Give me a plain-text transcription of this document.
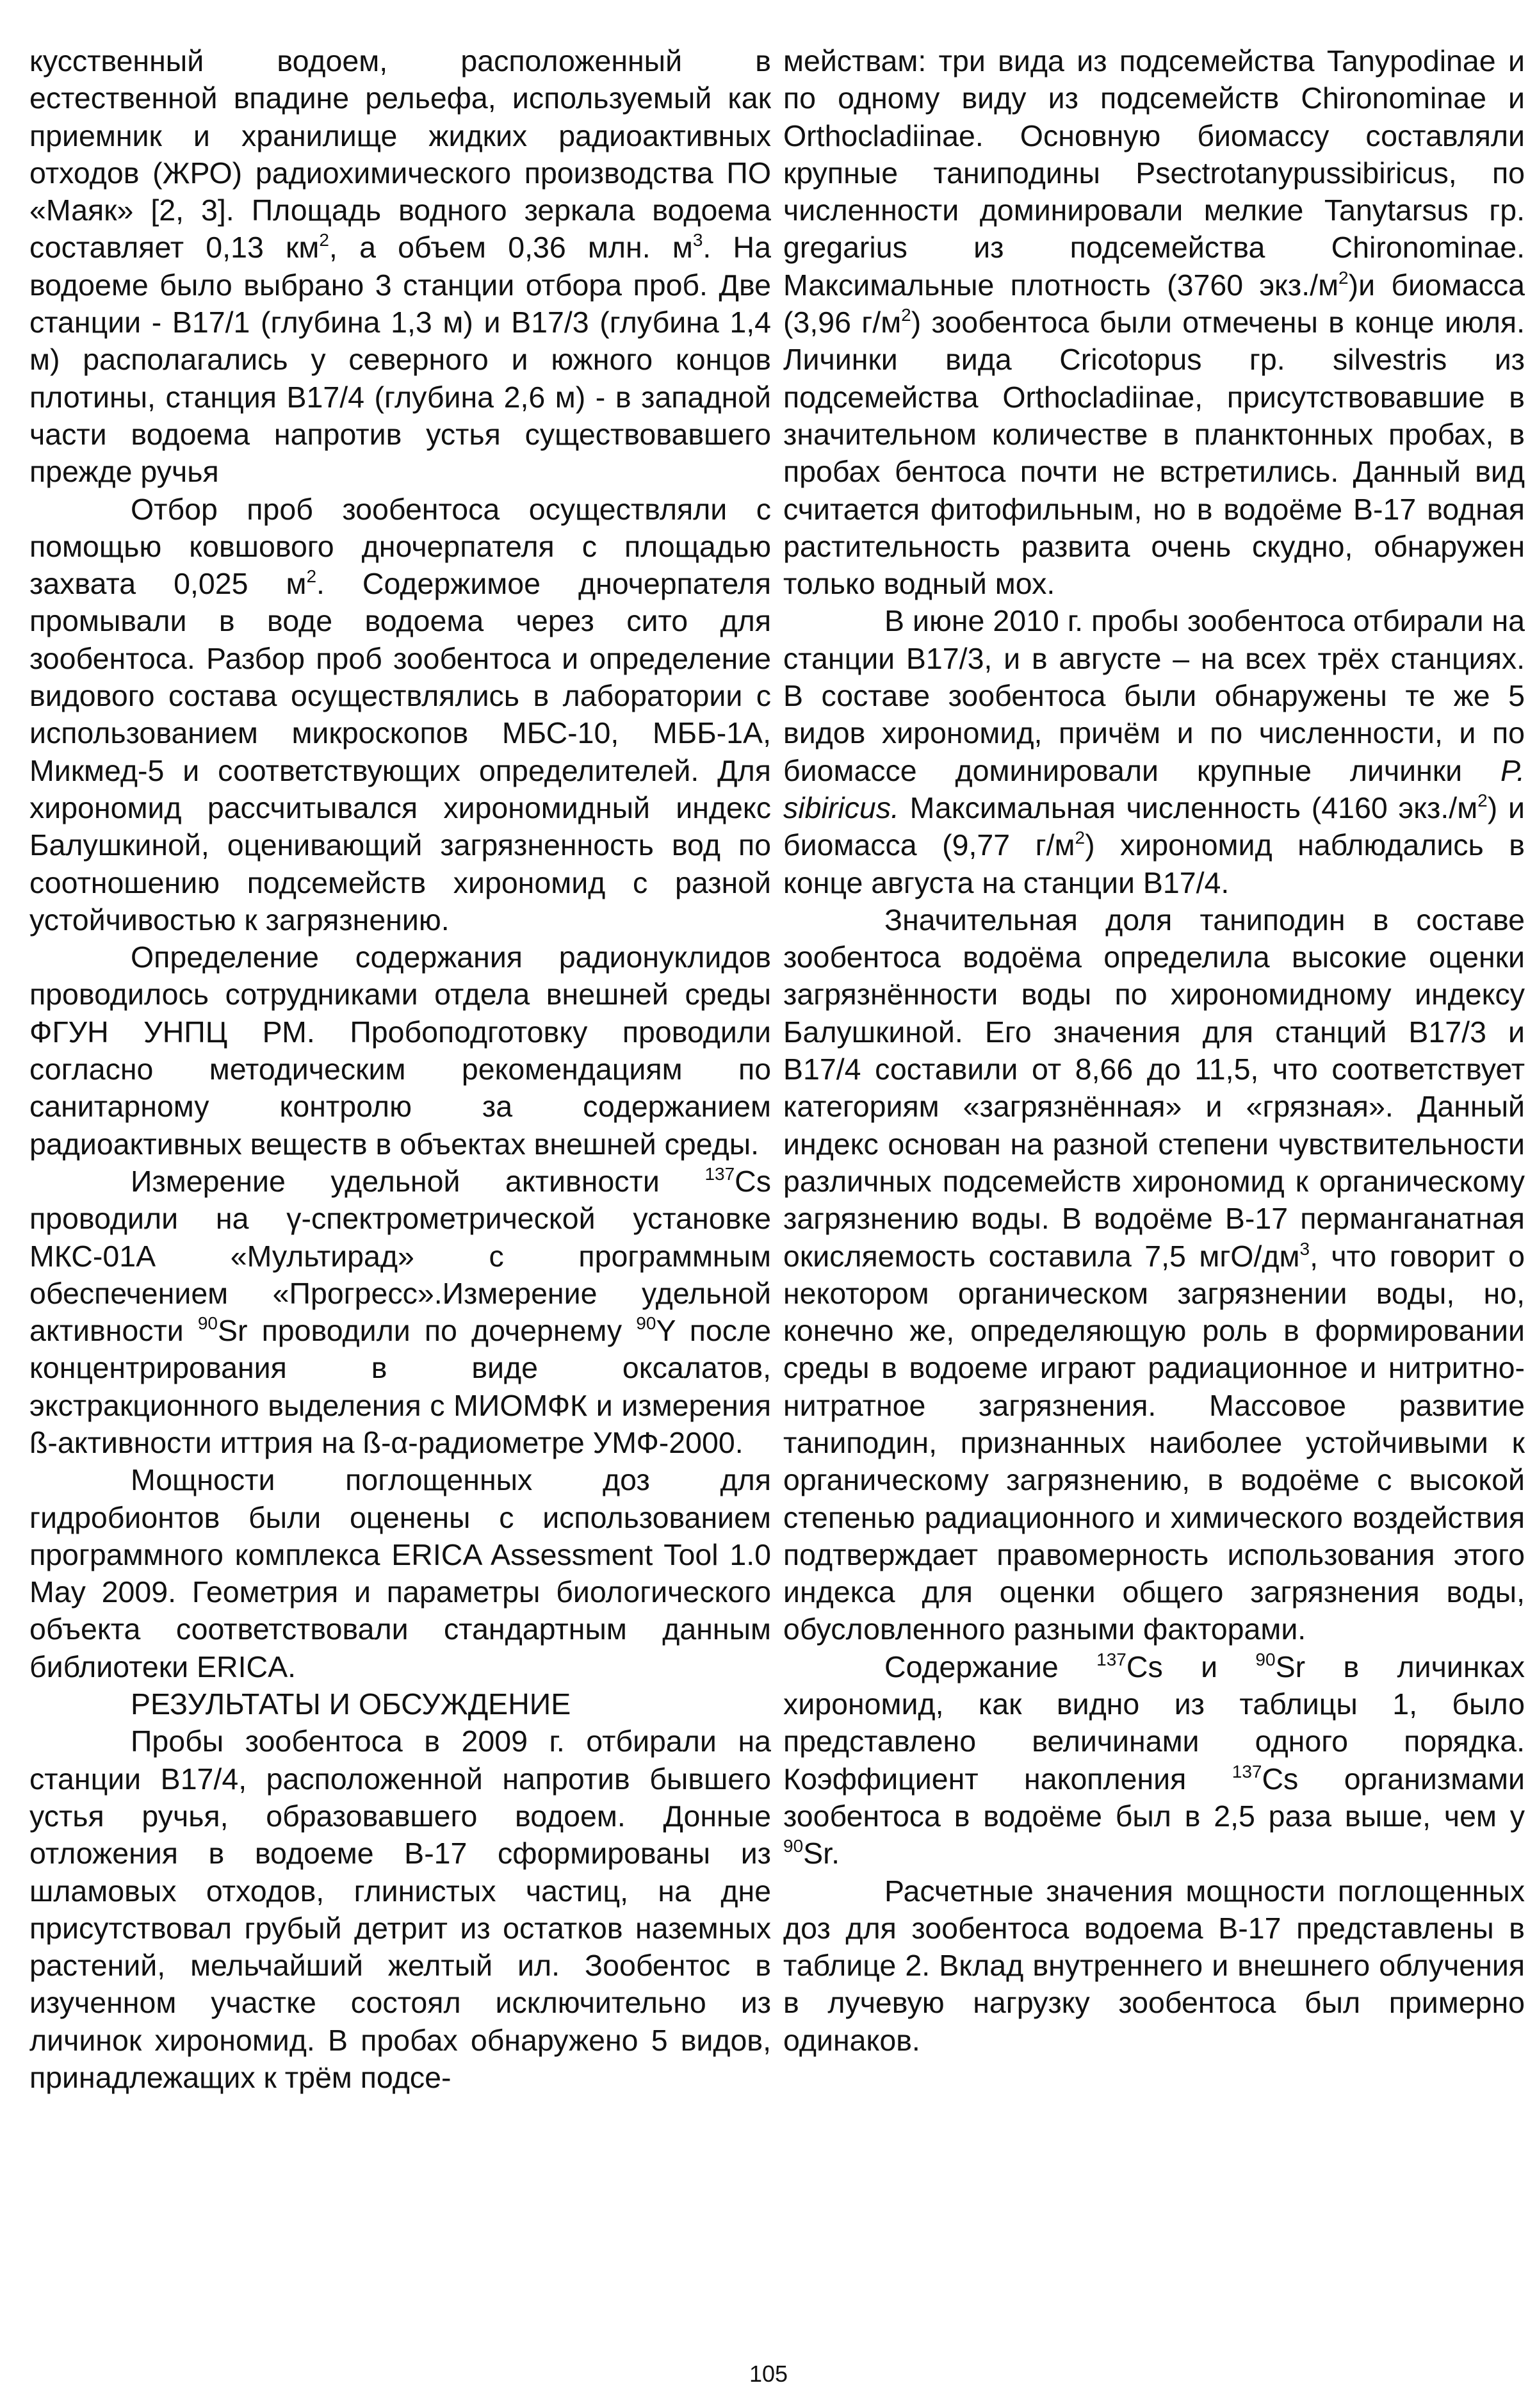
кусственный водоем, расположенный в естественной впадине рельефа, используемый как приемник и хранилище жидких радиоактивных отходов (ЖРО) радиохимического производства ПО «Маяк» [2, 3]. Площадь водного зеркала водоема составляет 0,13 $км^2$, а объем 0,36 млн. $м^3$. На водоеме было выбрано 3 станции отбора проб. Две станции - В17/1 (глубина 1,3 м) и В17/3 (глубина 1,4 м) располагались у северного и южного концов плотины, станция В17/4 (глубина 2,6 м) - в западной части водоема напротив устья существовавшего прежде ручья

Отбор проб зообентоса осуществляли с помощью ковшового дночерпателя с площадью захвата 0,025 $м^2$. Содержимое дночерпателя промывали в воде водоема через сито для зообентоса. Разбор проб зообентоса и определение видового состава осуществлялись в лаборатории с использованием микроскопов МБС-10, МББ-1А, Микмед-5 и соответствующих определителей. Для хирономид рассчитывался хирономидный индекс Балушкиной, оценивающий загрязненность вод по соотношению подсемейств хирономид с разной устойчивостью к загрязнению.

Определение содержания радионуклидов проводилось сотрудниками отдела внешней среды ФГУН УНПЦ РМ. Пробоподготовку проводили согласно методическим рекомендациям по санитарному контролю за содержанием радиоактивных веществ в объектах внешней среды.

Измерение удельной активности $^{137}$Cs проводили на γ-спектрометрической установке МКС-01А «Мультирад» с программным обеспечением «Прогресс».Измерение удельной активности $^{90}$Sr проводили по дочернему $^{90}$Y после концентрирования в виде оксалатов, экстракционного выделения с МИОМФК и измерения ß-активности иттрия на ß-α-радиометре УМФ-2000.

Мощности поглощенных доз для гидробионтов были оценены с использованием программного комплекса ERICA Assessment Tool 1.0 May 2009. Геометрия и параметры биологического объекта соответствовали стандартным данным библиотеки ERICA.

РЕЗУЛЬТАТЫ И ОБСУЖДЕНИЕ

Пробы зообентоса в 2009 г. отбирали на станции В17/4, расположенной напротив бывшего устья ручья, образовавшего водоем. Донные отложения в водоеме В-17 сформированы из шламовых отходов, глинистых частиц, на дне присутствовал грубый детрит из остатков наземных растений, мельчайший желтый ил. Зообентос в изученном участке состоял исключительно из личинок хирономид. В пробах обнаружено 5 видов, принадлежащих к трём подсе-

мействам: три вида из подсемейства Tanypodinae и по одному виду из подсемейств Chironominae и Orthocladiinae. Основную биомассу составляли крупные таниподины Psectrotanypussibiricus, по численности доминировали мелкие Tanytarsus гр. gregarius из подсемейства Chironominae. Максимальные плотность (3760 $экз./м^2)и$ биомасса (3,96 $г/м^2$) зообентоса были отмечены в конце июля. Личинки вида Cricotopus гр. silvestris из подсемейства Orthocladiinae, присутствовавшие в значительном количестве в планктонных пробах, в пробах бентоса почти не встретились. Данный вид считается фитофильным, но в водоёме В-17 водная растительность развита очень скудно, обнаружен только водный мох.

В июне 2010 г. пробы зообентоса отбирали на станции В17/3, и в августе – на всех трёх станциях. В составе зообентоса были обнаружены те же 5 видов хирономид, причём и по численности, и по биомассе доминировали крупные личинки P. sibiricus. Максимальная численность (4160 $экз./м^2$) и биомасса (9,77 $г/м^2$) хирономид наблюдались в конце августа на станции В17/4.

Значительная доля таниподин в составе зообентоса водоёма определила высокие оценки загрязнённости воды по хирономидному индексу Балушкиной. Его значения для станций В17/3 и В17/4 составили от 8,66 до 11,5, что соответствует категориям «загрязнённая» и «грязная». Данный индекс основан на разной степени чувствительности различных подсемейств хирономид к органическому загрязнению воды. В водоёме В-17 перманганатная окисляемость составила 7,5 мгО/$дм^3$, что говорит о некотором органическом загрязнении воды, но, конечно же, определяющую роль в формировании среды в водоеме играют радиационное и нитритно-нитратное загрязнения. Массовое развитие таниподин, признанных наиболее устойчивыми к органическому загрязнению, в водоёме с высокой степенью радиационного и химического воздействия подтверждает правомерность использования этого индекса для оценки общего загрязнения воды, обусловленного разными факторами.

Содержание $^{137}$Cs и $^{90}$Sr в личинках хирономид, как видно из таблицы 1, было представлено величинами одного порядка. Коэффициент накопления $^{137}$Cs организмами зообентоса в водоёме был в 2,5 раза выше, чем у $^{90}$Sr.

Расчетные значения мощности поглощенных доз для зообентоса водоема В-17 представлены в таблице 2. Вклад внутреннего и внешнего облучения в лучевую нагрузку зообентоса был примерно одинаков.

105
